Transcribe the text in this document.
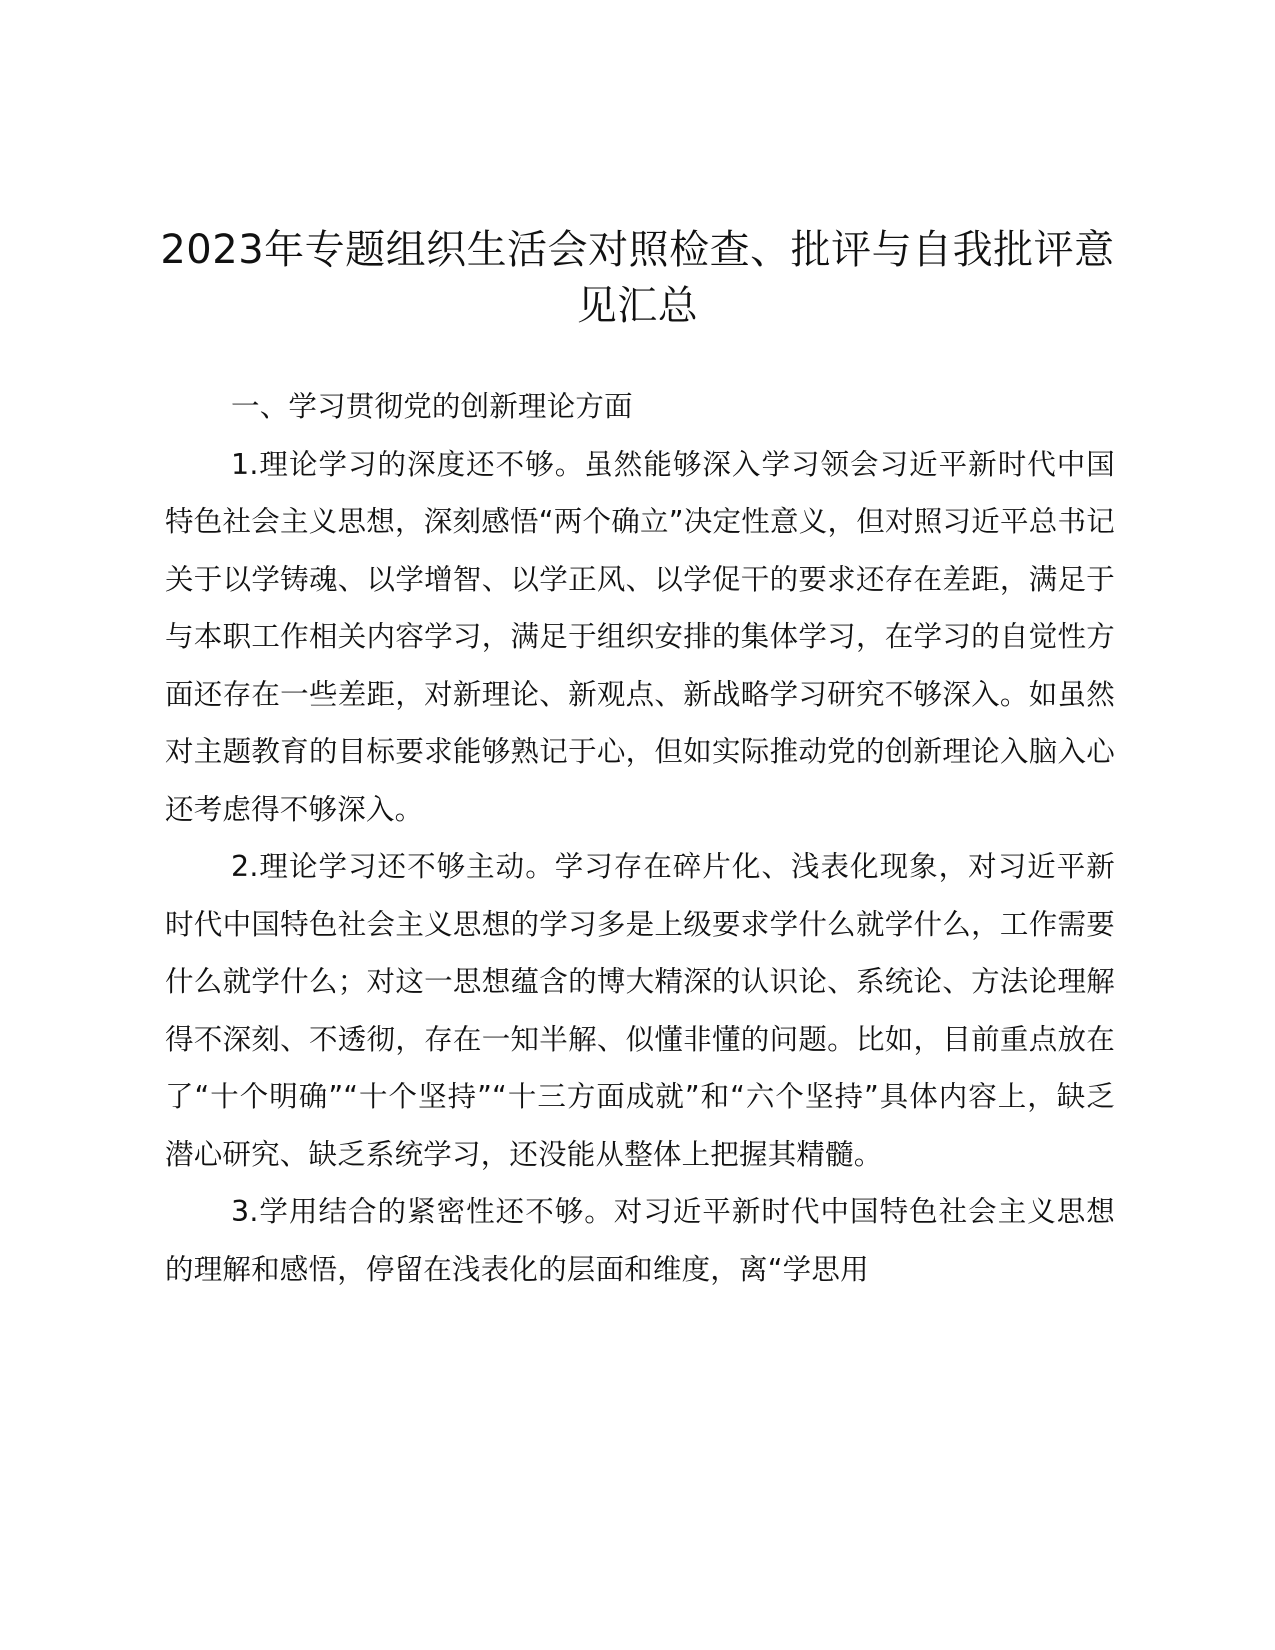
2023年专题组织生活会对照检查、批评与自我批评意见汇总

一、学习贯彻党的创新理论方面

1.理论学习的深度还不够。虽然能够深入学习领会习近平新时代中国特色社会主义思想，深刻感悟“两个确立”决定性意义，但对照习近平总书记关于以学铸魂、以学增智、以学正风、以学促干的要求还存在差距，满足于与本职工作相关内容学习，满足于组织安排的集体学习，在学习的自觉性方面还存在一些差距，对新理论、新观点、新战略学习研究不够深入。如虽然对主题教育的目标要求能够熟记于心，但如实际推动党的创新理论入脑入心还考虑得不够深入。

2.理论学习还不够主动。学习存在碎片化、浅表化现象，对习近平新时代中国特色社会主义思想的学习多是上级要求学什么就学什么，工作需要什么就学什么；对这一思想蕴含的博大精深的认识论、系统论、方法论理解得不深刻、不透彻，存在一知半解、似懂非懂的问题。比如，目前重点放在了“十个明确”“十个坚持”“十三方面成就”和“六个坚持”具体内容上，缺乏潜心研究、缺乏系统学习，还没能从整体上把握其精髓。

3.学用结合的紧密性还不够。对习近平新时代中国特色社会主义思想的理解和感悟，停留在浅表化的层面和维度，离“学思用
